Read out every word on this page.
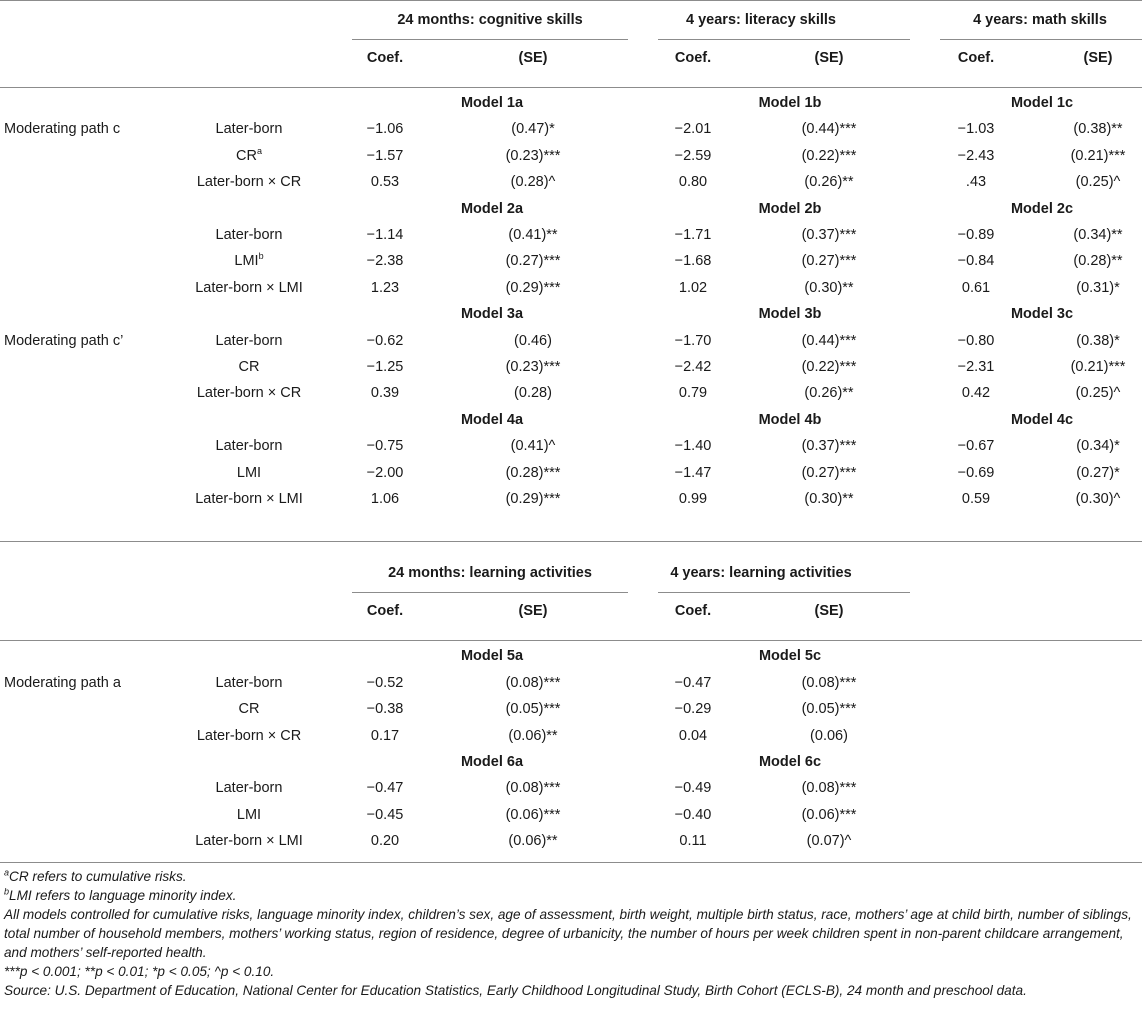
24 months: cognitive skills
Coef.	(SE)
4 years: literacy skills
Coef.	(SE)
4 years: math skills
Coef.	(SE)
Model 1a	Model 1b	Model 1c
Moderating path c	Later-born	−1.06	(0.47)*	−2.01	(0.44)***	−1.03	(0.38)**
$CR^a$	−1.57	(0.23)***	−2.59	(0.22)***	−2.43	(0.21)***
Later-born × CR	0.53	(0.28)^	0.80	(0.26)**	.43	(0.25)^
Model 2a	Model 2b	Model 2c
Later-born	−1.14	(0.41)**	−1.71	(0.37)***	−0.89	(0.34)**
$LMI^b$	−2.38	(0.27)***	−1.68	(0.27)***	−0.84	(0.28)**
Later-born × LMI	1.23	(0.29)***	1.02	(0.30)**	0.61	(0.31)*
Model 3a	Model 3b	Model 3c
Moderating path c’	Later-born	−0.62	(0.46)	−1.70	(0.44)***	−0.80	(0.38)*
CR	−1.25	(0.23)***	−2.42	(0.22)***	−2.31	(0.21)***
Later-born × CR	0.39	(0.28)	0.79	(0.26)**	0.42	(0.25)^
Model 4a	Model 4b	Model 4c
Later-born	−0.75	(0.41)^	−1.40	(0.37)***	−0.67	(0.34)*
LMI	−2.00	(0.28)***	−1.47	(0.27)***	−0.69	(0.27)*
Later-born × LMI	1.06	(0.29)***	0.99	(0.30)**	0.59	(0.30)^
24 months: learning activities
Coef.	(SE)
4 years: learning activities
Coef.	(SE)
Model 5a	Model 5c
Moderating path a	Later-born	−0.52	(0.08)***	−0.47	(0.08)***
CR	−0.38	(0.05)***	−0.29	(0.05)***
Later-born × CR	0.17	(0.06)**	0.04	(0.06)
Model 6a	Model 6c
Later-born	−0.47	(0.08)***	−0.49	(0.08)***
LMI	−0.45	(0.06)***	−0.40	(0.06)***
Later-born × LMI	0.20	(0.06)**	0.11	(0.07)^

$^a$CR refers to cumulative risks.

$^b$LMI refers to language minority index.

All models controlled for cumulative risks, language minority index, children’s sex, age of assessment, birth weight, multiple birth status, race, mothers’ age at child birth, number of siblings, total number of household members, mothers’ working status, region of residence, degree of urbanicity, the number of hours per week children spent in non-parent childcare arrangement, and mothers’ self-reported health.

***p < 0.001; **p < 0.01; *p < 0.05; ^p < 0.10.

Source: U.S. Department of Education, National Center for Education Statistics, Early Childhood Longitudinal Study, Birth Cohort (ECLS-B), 24 month and preschool data.
